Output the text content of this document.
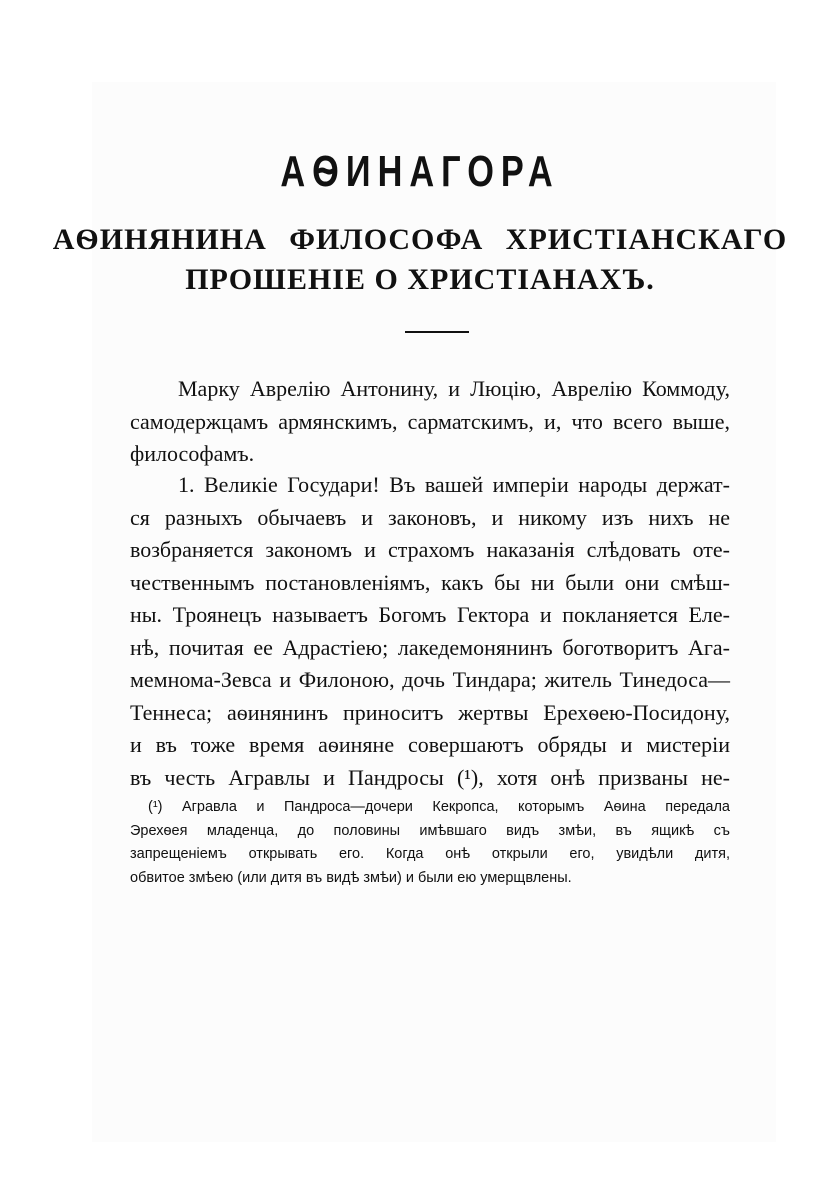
АѲИНАГОРА
АѲИНЯНИНА ФИЛОСОФА ХРИСТІАНСКАГО
ПРОШЕНІЕ О ХРИСТІАНАХЪ.
Марку Аврелію Антонину, и Люцію, Аврелію Коммоду,
самодержцамъ армянскимъ, сарматскимъ, и, что всего выше,
философамъ.
1. Великіе Государи! Въ вашей имперіи народы держат-
ся разныхъ обычаевъ и законовъ, и никому изъ нихъ не
возбраняется закономъ и страхомъ наказанія слѣдовать оте-
чественнымъ постановленіямъ, какъ бы ни были они смѣш-
ны. Троянецъ называетъ Богомъ Гектора и покланяется Еле-
нѣ, почитая ее Адрастіею; лакедемонянинъ боготворитъ Ага-
мемнома-Зевса и Филоною, дочь Тиндара; житель Тинедоса—
Теннеса; аѳинянинъ приноситъ жертвы Ерехѳею-Посидону,
и въ тоже время аѳиняне совершаютъ обряды и мистеріи
въ честь Агравлы и Пандросы (¹), хотя онѣ призваны не-
(¹) Агравла и Пандроса—дочери Кекропса, которымъ Аѳина передала
Эрехѳея младенца, до половины имѣвшаго видъ змѣи, въ ящикѣ съ
запрещеніемъ открывать его. Когда онѣ открыли его, увидѣли дитя,
обвитое змѣею (или дитя въ видѣ змѣи) и были ею умерщвлены.
